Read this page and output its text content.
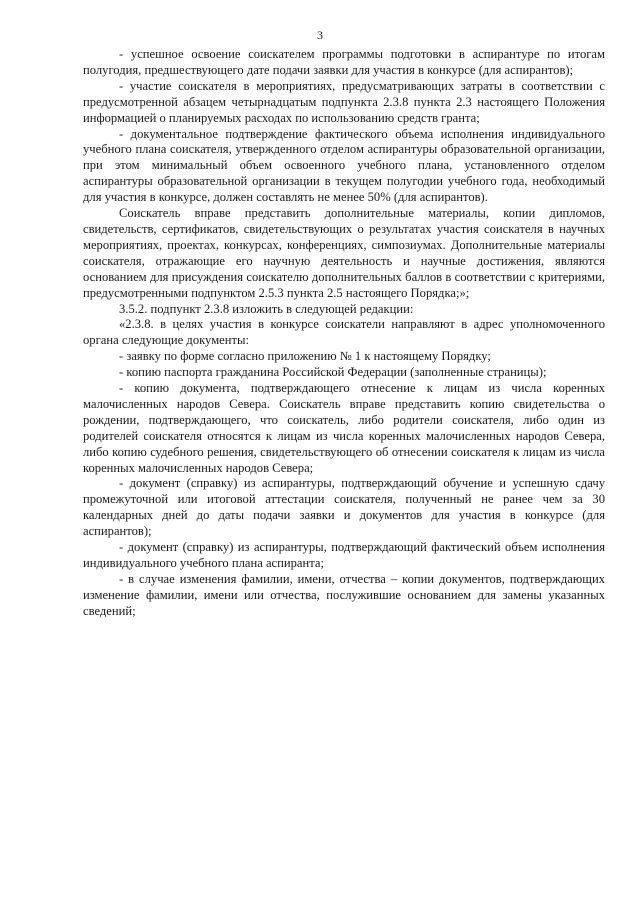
3

- успешное освоение соискателем программы подготовки в аспирантуре по итогам полугодия, предшествующего дате подачи заявки для участия в конкурсе (для аспирантов);

- участие соискателя в мероприятиях, предусматривающих затраты в соответствии с предусмотренной абзацем четырнадцатым подпункта 2.3.8 пункта 2.3 настоящего Положения информацией о планируемых расходах по использованию средств гранта;

- документальное подтверждение фактического объема исполнения индивидуального учебного плана соискателя, утвержденного отделом аспирантуры образовательной организации, при этом минимальный объем освоенного учебного плана, установленного отделом аспирантуры образовательной организации в текущем полугодии учебного года, необходимый для участия в конкурсе, должен составлять не менее 50% (для аспирантов).

Соискатель вправе представить дополнительные материалы, копии дипломов, свидетельств, сертификатов, свидетельствующих о результатах участия соискателя в научных мероприятиях, проектах, конкурсах, конференциях, симпозиумах. Дополнительные материалы соискателя, отражающие его научную деятельность и научные достижения, являются основанием для присуждения соискателю дополнительных баллов в соответствии с критериями, предусмотренными подпунктом 2.5.3 пункта 2.5 настоящего Порядка;»;

3.5.2. подпункт 2.3.8 изложить в следующей редакции:

«2.3.8. в целях участия в конкурсе соискатели направляют в адрес уполномоченного органа следующие документы:

- заявку по форме согласно приложению № 1 к настоящему Порядку;

- копию паспорта гражданина Российской Федерации (заполненные страницы);

- копию документа, подтверждающего отнесение к лицам из числа коренных малочисленных народов Севера. Соискатель вправе представить копию свидетельства о рождении, подтверждающего, что соискатель, либо родители соискателя, либо один из родителей соискателя относятся к лицам из числа коренных малочисленных народов Севера, либо копию судебного решения, свидетельствующего об отнесении соискателя к лицам из числа коренных малочисленных народов Севера;

- документ (справку) из аспирантуры, подтверждающий обучение и успешную сдачу промежуточной или итоговой аттестации соискателя, полученный не ранее чем за 30 календарных дней до даты подачи заявки и документов для участия в конкурсе (для аспирантов);

- документ (справку) из аспирантуры, подтверждающий фактический объем исполнения индивидуального учебного плана аспиранта;

- в случае изменения фамилии, имени, отчества – копии документов, подтверждающих изменение фамилии, имени или отчества, послужившие основанием для замены указанных сведений;
